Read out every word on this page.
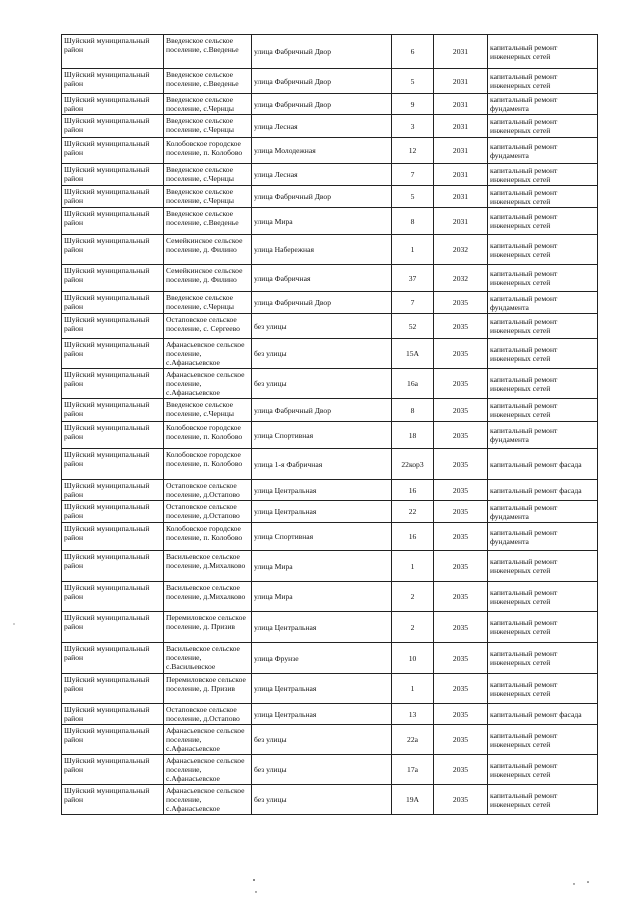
Шуйский муниципальный район	Введенское сельское поселение, с.Введенье	улица Фабричный Двор	6	2031	капитальный ремонт инженерных сетей
Шуйский муниципальный район	Введенское сельское поселение, с.Введенье	улица Фабричный Двор	5	2031	капитальный ремонт инженерных сетей
Шуйский муниципальный район	Введенское сельское поселение, с.Чернцы	улица Фабричный Двор	9	2031	капитальный ремонт фундамента
Шуйский муниципальный район	Введенское сельское поселение, с.Чернцы	улица Лесная	3	2031	капитальный ремонт инженерных сетей
Шуйский муниципальный район	Колобовское городское поселение, п. Колобово	улица Молодежная	12	2031	капитальный ремонт фундамента
Шуйский муниципальный район	Введенское сельское поселение, с.Чернцы	улица Лесная	7	2031	капитальный ремонт инженерных сетей
Шуйский муниципальный район	Введенское сельское поселение, с.Чернцы	улица Фабричный Двор	5	2031	капитальный ремонт инженерных сетей
Шуйский муниципальный район	Введенское сельское поселение, с.Введенье	улица Мира	8	2031	капитальный ремонт инженерных сетей
Шуйский муниципальный район	Семейкинское сельское поселение, д. Филино	улица Набережная	1	2032	капитальный ремонт инженерных сетей
Шуйский муниципальный район	Семейкинское сельское поселение, д. Филино	улица Фабричная	37	2032	капитальный ремонт инженерных сетей
Шуйский муниципальный район	Введенское сельское поселение, с.Чернцы	улица Фабричный Двор	7	2035	капитальный ремонт фундамента
Шуйский муниципальный район	Остаповское сельское поселение, с. Сергеево	без улицы	52	2035	капитальный ремонт инженерных сетей
Шуйский муниципальный район	Афанасьевское сельское поселение, с.Афанасьевское	без улицы	15А	2035	капитальный ремонт инженерных сетей
Шуйский муниципальный район	Афанасьевское сельское поселение, с.Афанасьевское	без улицы	16а	2035	капитальный ремонт инженерных сетей
Шуйский муниципальный район	Введенское сельское поселение, с.Чернцы	улица Фабричный Двор	8	2035	капитальный ремонт инженерных сетей
Шуйский муниципальный район	Колобовское городское поселение, п. Колобово	улица Спортивная	18	2035	капитальный ремонт фундамента
Шуйский муниципальный район	Колобовское городское поселение, п. Колобово	улица 1-я Фабричная	22кор3	2035	капитальный ремонт фасада
Шуйский муниципальный район	Остаповское сельское поселение, д.Остапово	улица Центральная	16	2035	капитальный ремонт фасада
Шуйский муниципальный район	Остаповское сельское поселение, д.Остапово	улица Центральная	22	2035	капитальный ремонт фундамента
Шуйский муниципальный район	Колобовское городское поселение, п. Колобово	улица Спортивная	16	2035	капитальный ремонт фундамента
Шуйский муниципальный район	Васильевское сельское поселение, д.Михалково	улица Мира	1	2035	капитальный ремонт инженерных сетей
Шуйский муниципальный район	Васильевское сельское поселение, д.Михалково	улица Мира	2	2035	капитальный ремонт инженерных сетей
Шуйский муниципальный район	Перемиловское сельское поселение, д. Призив	улица Центральная	2	2035	капитальный ремонт инженерных сетей
Шуйский муниципальный район	Васильевское сельское поселение, с.Васильевское	улица Фрунзе	10	2035	капитальный ремонт инженерных сетей
Шуйский муниципальный район	Перемиловское сельское поселение, д. Призив	улица Центральная	1	2035	капитальный ремонт инженерных сетей
Шуйский муниципальный район	Остаповское сельское поселение, д.Остапово	улица Центральная	13	2035	капитальный ремонт фасада
Шуйский муниципальный район	Афанасьевское сельское поселение, с.Афанасьевское	без улицы	22а	2035	капитальный ремонт инженерных сетей
Шуйский муниципальный район	Афанасьевское сельское поселение, с.Афанасьевское	без улицы	17а	2035	капитальный ремонт инженерных сетей
Шуйский муниципальный район	Афанасьевское сельское поселение, с.Афанасьевское	без улицы	19А	2035	капитальный ремонт инженерных сетей
